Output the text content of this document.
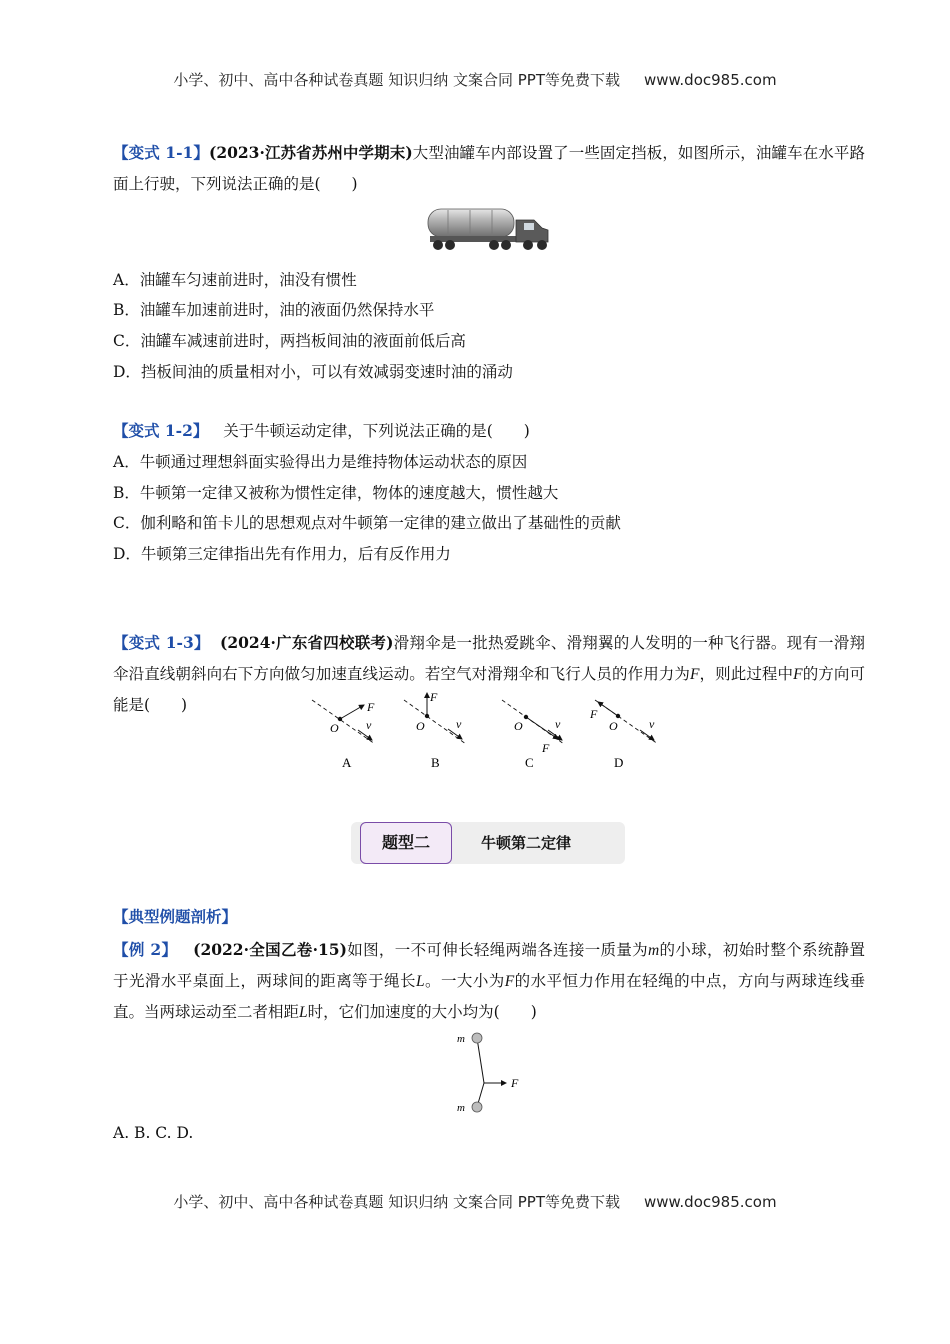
小学、初中、高中各种试卷真题 知识归纳 文案合同 PPT等免费下载 www.doc985.com
【变式 1-1】(2023·江苏省苏州中学期末)大型油罐车内部设置了一些固定挡板，如图所示，油罐车在水平路面上行驶，下列说法正确的是(　　)
A．油罐车匀速前进时，油没有惯性
B．油罐车加速前进时，油的液面仍然保持水平
C．油罐车减速前进时，两挡板间油的液面前低后高
D．挡板间油的质量相对小，可以有效减弱变速时油的涌动
【变式 1-2】 关于牛顿运动定律，下列说法正确的是(　　)
A．牛顿通过理想斜面实验得出力是维持物体运动状态的原因
B．牛顿第一定律又被称为惯性定律，物体的速度越大，惯性越大
C．伽利略和笛卡儿的思想观点对牛顿第一定律的建立做出了基础性的贡献
D．牛顿第三定律指出先有作用力，后有反作用力
【变式 1-3】 (2024·广东省四校联考)滑翔伞是一批热爱跳伞、滑翔翼的人发明的一种飞行器。现有一滑翔伞沿直线朝斜向右下方向做匀加速直线运动。若空气对滑翔伞和飞行人员的作用力为F，则此过程中F的方向可能是(　　)
O
F
v
A
O
F
v
B
O
F
v
C
O
F
v
D
题型二	牛顿第二定律
【典型例题剖析】
【例 2】 (2022·全国乙卷·15)如图，一不可伸长轻绳两端各连接一质量为m的小球，初始时整个系统静置于光滑水平桌面上，两球间的距离等于绳长L。一大小为F的水平恒力作用在轻绳的中点，方向与两球连线垂直。当两球运动至二者相距L时，它们加速度的大小均为(　　)
m
m
F
A. B. C. D.
小学、初中、高中各种试卷真题 知识归纳 文案合同 PPT等免费下载 www.doc985.com
